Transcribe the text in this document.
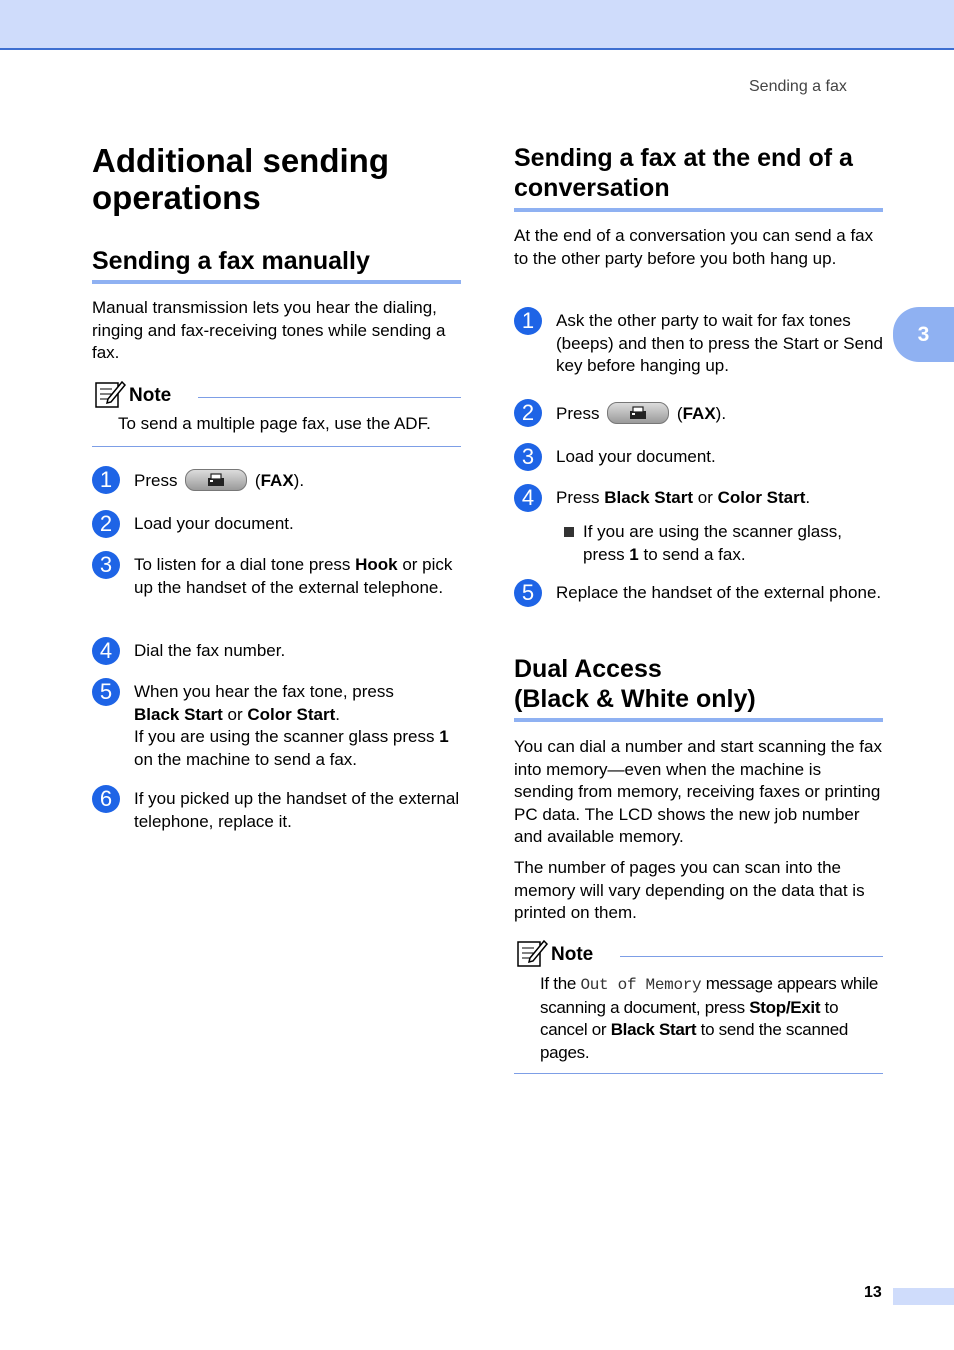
Sending a fax
3
Additional sending
operations
Sending a fax manually

Manual transmission lets you hear the dialing, ringing and fax-receiving tones while sending a fax.

Note
To send a multiple page fax, use the ADF.
1	Press	(FAX).
2	Load your document.
3	To listen for a dial tone press Hook or pick up the handset of the external telephone.
4	Dial the fax number.
5	When you hear the fax tone, press
Black Start or Color Start.
If you are using the scanner glass press 1 on the machine to send a fax.
6	If you picked up the handset of the external telephone, replace it.
Sending a fax at the end of a
conversation

At the end of a conversation you can send a fax to the other party before you both hang up.

1	Ask the other party to wait for fax tones (beeps) and then to press the Start or Send key before hanging up.
2	Press	(FAX).
3	Load your document.
4	Press Black Start or Color Start.
If you are using the scanner glass, press 1 to send a fax.
5	Replace the handset of the external phone.
Dual Access
(Black & White only)

You can dial a number and start scanning the fax into memory—even when the machine is sending from memory, receiving faxes or printing PC data. The LCD shows the new job number and available memory.

The number of pages you can scan into the memory will vary depending on the data that is printed on them.

Note
If the Out of Memory message appears while scanning a document, press Stop/Exit to cancel or Black Start to send the scanned pages.
13
